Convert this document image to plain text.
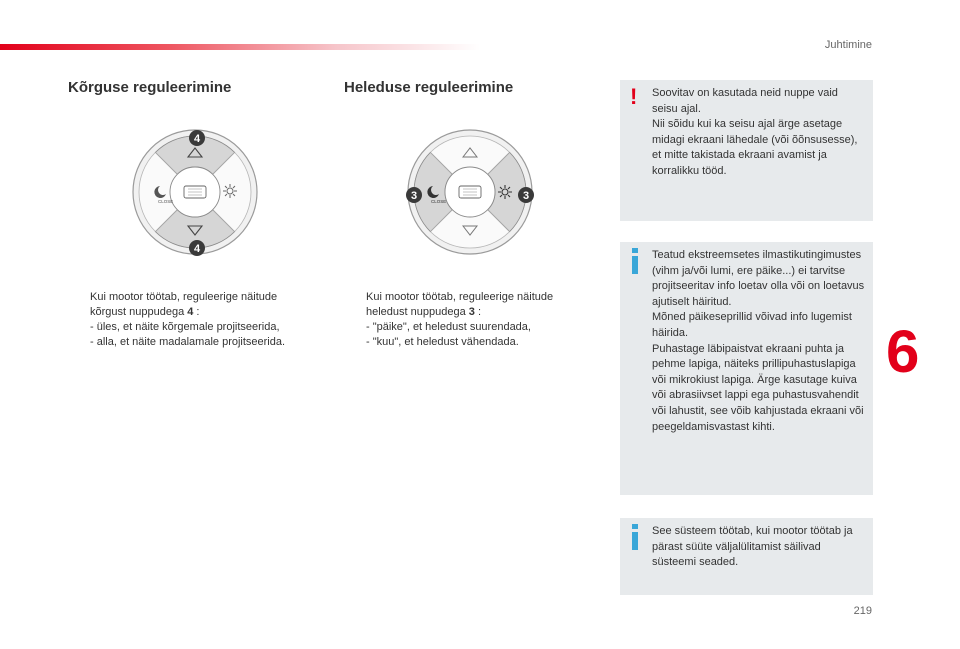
Juhtimine
6
219
Kõrguse reguleerimine	Heleduse reguleerimine
CLOSE
4
4
CLOSE
3	3
Kui mootor töötab, reguleerige näitude kõrgust nuppudega 4 :
- üles, et näite kõrgemale projitseerida,
- alla, et näite madalamale projitseerida.
Kui mootor töötab, reguleerige näitude heledust nuppudega 3 :
- "päike", et heledust suurendada,
- "kuu", et heledust vähendada.
! Soovitav on kasutada neid nuppe vaid seisu ajal.

Nii sõidu kui ka seisu ajal ärge asetage midagi ekraani lähedale (või õõnsusesse), et mitte takistada ekraani avamist ja korralikku tööd.

Teatud ekstreemsetes ilmastikutingimustes (vihm ja/või lumi, ere päike...) ei tarvitse projitseeritav info loetav olla või on loetavus ajutiselt häiritud.

Mõned päikeseprillid võivad info lugemist häirida.

Puhastage läbipaistvat ekraani puhta ja pehme lapiga, näiteks prillipuhastuslapiga või mikrokiust lapiga. Ärge kasutage kuiva või abrasiivset lappi ega puhastusvahendit või lahustit, see võib kahjustada ekraani või peegeldamisvastast kihti.

See süsteem töötab, kui mootor töötab ja pärast süüte väljalülitamist säilivad süsteemi seaded.
